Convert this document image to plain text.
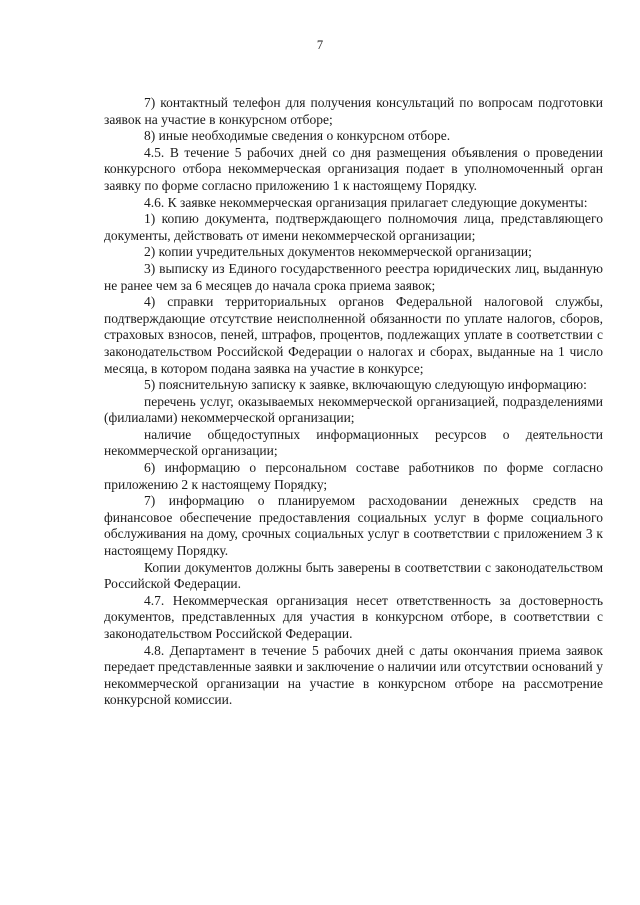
7

7) контактный телефон для получения консультаций по вопросам подготовки заявок на участие в конкурсном отборе;

8) иные необходимые сведения о конкурсном отборе.

4.5. В течение 5 рабочих дней со дня размещения объявления о проведении конкурсного отбора некоммерческая организация подает в уполномоченный орган заявку по форме согласно приложению 1 к настоящему Порядку.

4.6. К заявке некоммерческая организация прилагает следующие документы:

1) копию документа, подтверждающего полномочия лица, представляющего документы, действовать от имени некоммерческой организации;

2) копии учредительных документов некоммерческой организации;

3) выписку из Единого государственного реестра юридических лиц, выданную не ранее чем за 6 месяцев до начала срока приема заявок;

4) справки территориальных органов Федеральной налоговой службы, подтверждающие отсутствие неисполненной обязанности по уплате налогов, сборов, страховых взносов, пеней, штрафов, процентов, подлежащих уплате в соответствии с законодательством Российской Федерации о налогах и сборах, выданные на 1 число месяца, в котором подана заявка на участие в конкурсе;

5) пояснительную записку к заявке, включающую следующую информацию:

перечень услуг, оказываемых некоммерческой организацией, подразделениями (филиалами) некоммерческой организации;

наличие общедоступных информационных ресурсов о деятельности некоммерческой организации;

6) информацию о персональном составе работников по форме согласно приложению 2 к настоящему Порядку;

7) информацию о планируемом расходовании денежных средств на финансовое обеспечение предоставления социальных услуг в форме социального обслуживания на дому, срочных социальных услуг в соответствии с приложением 3 к настоящему Порядку.

Копии документов должны быть заверены в соответствии с законодательством Российской Федерации.

4.7. Некоммерческая организация несет ответственность за достоверность документов, представленных для участия в конкурсном отборе, в соответствии с законодательством Российской Федерации.

4.8. Департамент в течение 5 рабочих дней с даты окончания приема заявок передает представленные заявки и заключение о наличии или отсутствии оснований у некоммерческой организации на участие в конкурсном отборе на рассмотрение конкурсной комиссии.
